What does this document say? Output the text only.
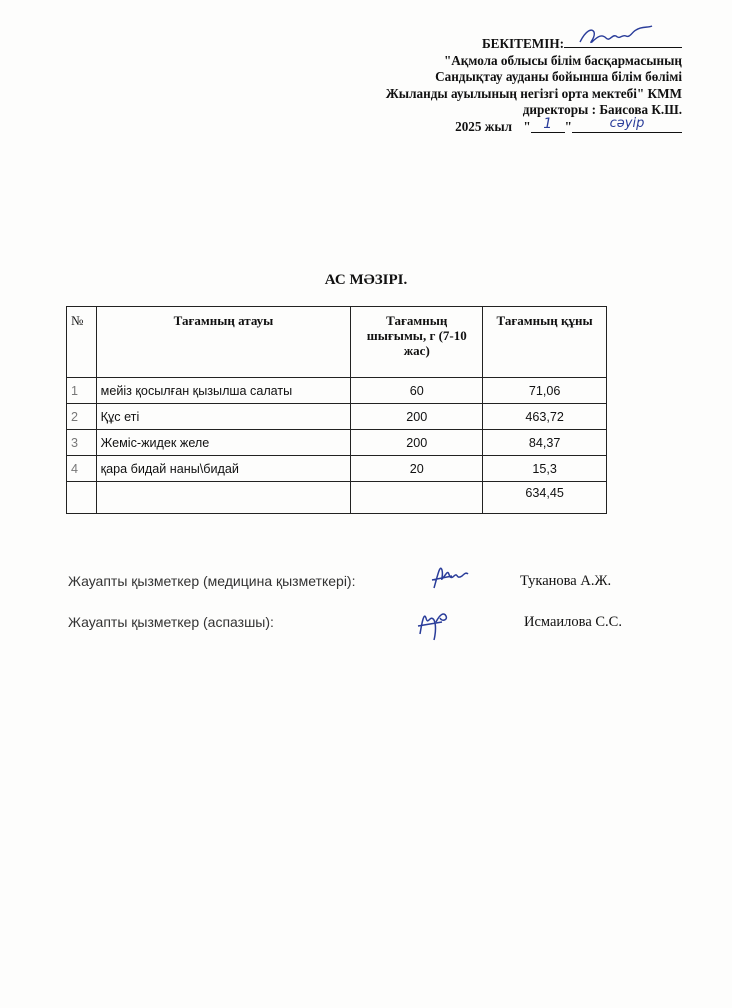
БЕКІТЕМІН:
"Ақмола облысы білім басқармасының
Сандықтау ауданы бойынша білім бөлімі
Жыланды ауылының негізгі орта мектебі" КММ
директоры : Баисова К.Ш.
2025 жыл " 1 "	сәуір
АС МӘЗІРІ.
№	Тағамның атауы	Тағамның шығымы, г (7-10 жас)	Тағамның құны
1	мейіз қосылған қызылша салаты	60	71,06
2	Құс еті	200	463,72
3	Жеміс-жидек желе	200	84,37
4	қара бидай наны\бидай	20	15,3
			634,45
Жауапты қызметкер (медицина қызметкері):	Туканова А.Ж.
Жауапты қызметкер (аспазшы):	Исмаилова С.С.
